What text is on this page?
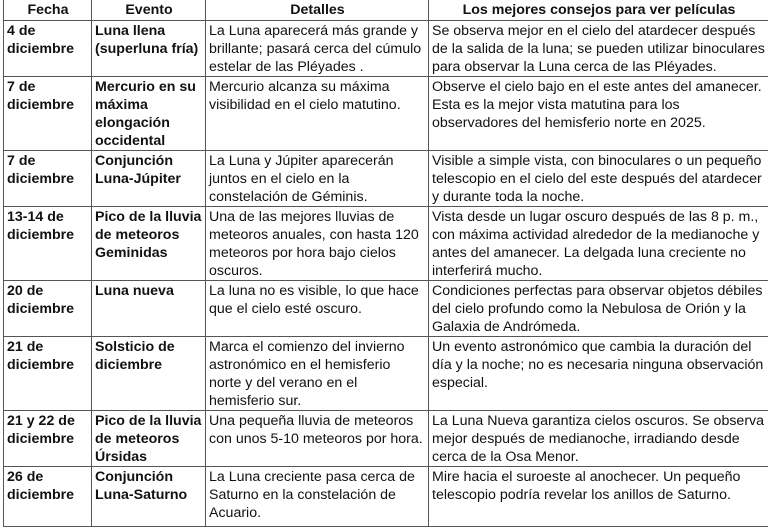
Fecha	Evento	Detalles	Los mejores consejos para ver películas
4 de diciembre	Luna llena (superluna fría)	La Luna aparecerá más grande y brillante; pasará cerca del cúmulo estelar de las Pléyades .	Se observa mejor en el cielo del atardecer después de la salida de la luna; se pueden utilizar binoculares para observar la Luna cerca de las Pléyades.
7 de diciembre	Mercurio en su máxima elongación occidental	Mercurio alcanza su máxima visibilidad en el cielo matutino.	Observe el cielo bajo en el este antes del amanecer. Esta es la mejor vista matutina para los observadores del hemisferio norte en 2025.
7 de diciembre	Conjunción Luna-Júpiter	La Luna y Júpiter aparecerán juntos en el cielo en la constelación de Géminis.	Visible a simple vista, con binoculares o un pequeño telescopio en el cielo del este después del atardecer y durante toda la noche.
13-14 de diciembre	Pico de la lluvia de meteoros Geminidas	Una de las mejores lluvias de meteoros anuales, con hasta 120 meteoros por hora bajo cielos oscuros.	Vista desde un lugar oscuro después de las 8 p. m., con máxima actividad alrededor de la medianoche y antes del amanecer. La delgada luna creciente no interferirá mucho.
20 de diciembre	Luna nueva	La luna no es visible, lo que hace que el cielo esté oscuro.	Condiciones perfectas para observar objetos débiles del cielo profundo como la Nebulosa de Orión y la Galaxia de Andrómeda.
21 de diciembre	Solsticio de diciembre	Marca el comienzo del invierno astronómico en el hemisferio norte y del verano en el hemisferio sur.	Un evento astronómico que cambia la duración del día y la noche; no es necesaria ninguna observación especial.
21 y 22 de diciembre	Pico de la lluvia de meteoros Úrsidas	Una pequeña lluvia de meteoros con unos 5-10 meteoros por hora.	La Luna Nueva garantiza cielos oscuros. Se observa mejor después de medianoche, irradiando desde cerca de la Osa Menor.
26 de diciembre	Conjunción Luna-Saturno	La Luna creciente pasa cerca de Saturno en la constelación de Acuario.	Mire hacia el suroeste al anochecer. Un pequeño telescopio podría revelar los anillos de Saturno.
